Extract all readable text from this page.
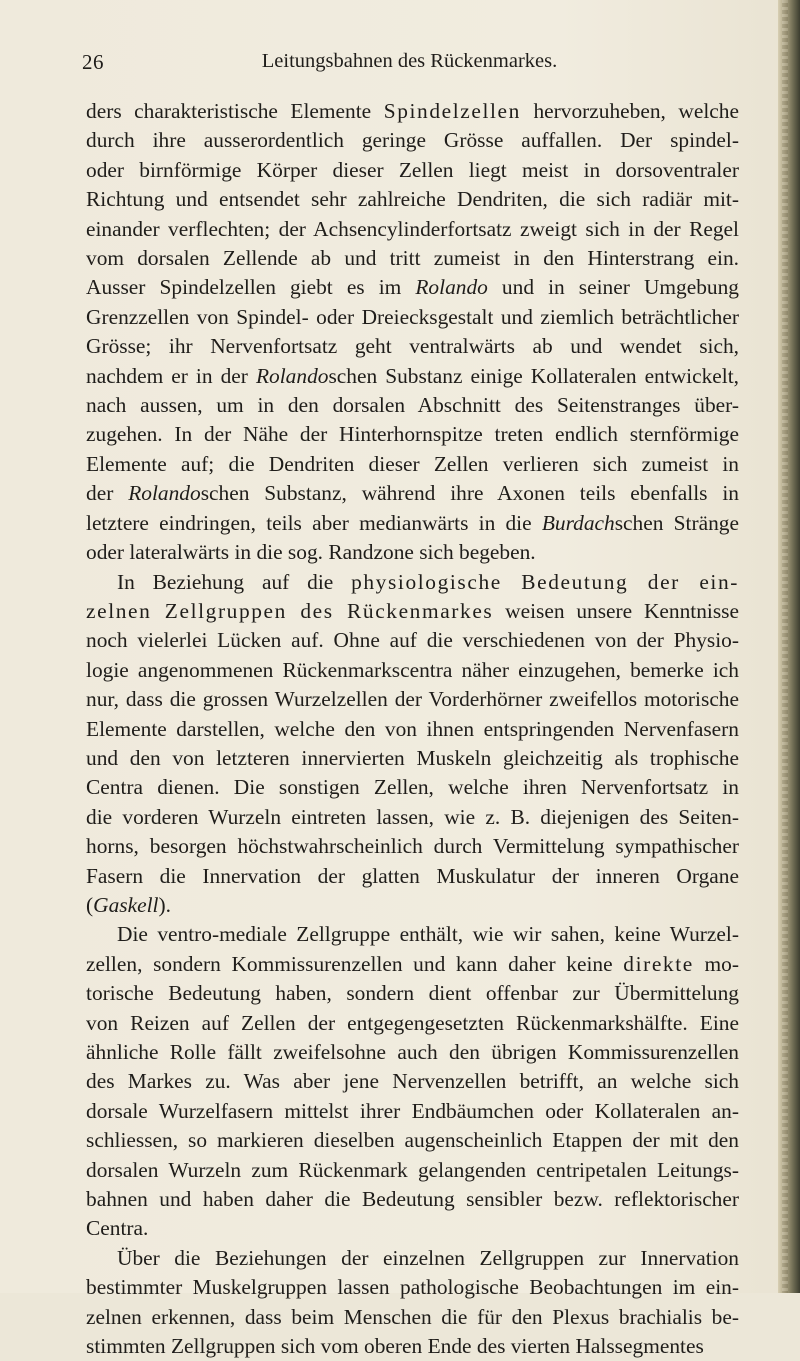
26	Leitungsbahnen des Rückenmarkes.
ders charakteristische Elemente Spindelzellen hervorzuheben, welche
durch ihre ausserordentlich geringe Grösse auffallen. Der spindel-
oder birnförmige Körper dieser Zellen liegt meist in dorsoventraler
Richtung und entsendet sehr zahlreiche Dendriten, die sich radiär mit-
einander verflechten; der Achsencylinderfortsatz zweigt sich in der Regel
vom dorsalen Zellende ab und tritt zumeist in den Hinterstrang ein.
Ausser Spindelzellen giebt es im Rolando und in seiner Umgebung
Grenzzellen von Spindel- oder Dreiecksgestalt und ziemlich beträchtlicher
Grösse; ihr Nervenfortsatz geht ventralwärts ab und wendet sich,
nachdem er in der Rolandoschen Substanz einige Kollateralen entwickelt,
nach aussen, um in den dorsalen Abschnitt des Seitenstranges über-
zugehen. In der Nähe der Hinterhornspitze treten endlich sternförmige
Elemente auf; die Dendriten dieser Zellen verlieren sich zumeist in
der Rolandoschen Substanz, während ihre Axonen teils ebenfalls in
letztere eindringen, teils aber medianwärts in die Burdachschen Stränge
oder lateralwärts in die sog. Randzone sich begeben.
In Beziehung auf die physiologische Bedeutung der ein-
zelnen Zellgruppen des Rückenmarkes weisen unsere Kenntnisse
noch vielerlei Lücken auf. Ohne auf die verschiedenen von der Physio-
logie angenommenen Rückenmarkscentra näher einzugehen, bemerke ich
nur, dass die grossen Wurzelzellen der Vorderhörner zweifellos motorische
Elemente darstellen, welche den von ihnen entspringenden Nervenfasern
und den von letzteren innervierten Muskeln gleichzeitig als trophische
Centra dienen. Die sonstigen Zellen, welche ihren Nervenfortsatz in
die vorderen Wurzeln eintreten lassen, wie z. B. diejenigen des Seiten-
horns, besorgen höchstwahrscheinlich durch Vermittelung sympathischer
Fasern die Innervation der glatten Muskulatur der inneren Organe
(Gaskell).
Die ventro-mediale Zellgruppe enthält, wie wir sahen, keine Wurzel-
zellen, sondern Kommissurenzellen und kann daher keine direkte mo-
torische Bedeutung haben, sondern dient offenbar zur Übermittelung
von Reizen auf Zellen der entgegengesetzten Rückenmarkshälfte. Eine
ähnliche Rolle fällt zweifelsohne auch den übrigen Kommissurenzellen
des Markes zu. Was aber jene Nervenzellen betrifft, an welche sich
dorsale Wurzelfasern mittelst ihrer Endbäumchen oder Kollateralen an-
schliessen, so markieren dieselben augenscheinlich Etappen der mit den
dorsalen Wurzeln zum Rückenmark gelangenden centripetalen Leitungs-
bahnen und haben daher die Bedeutung sensibler bezw. reflektorischer
Centra.
Über die Beziehungen der einzelnen Zellgruppen zur Innervation
bestimmter Muskelgruppen lassen pathologische Beobachtungen im ein-
zelnen erkennen, dass beim Menschen die für den Plexus brachialis be-
stimmten Zellgruppen sich vom oberen Ende des vierten Halssegmentes
